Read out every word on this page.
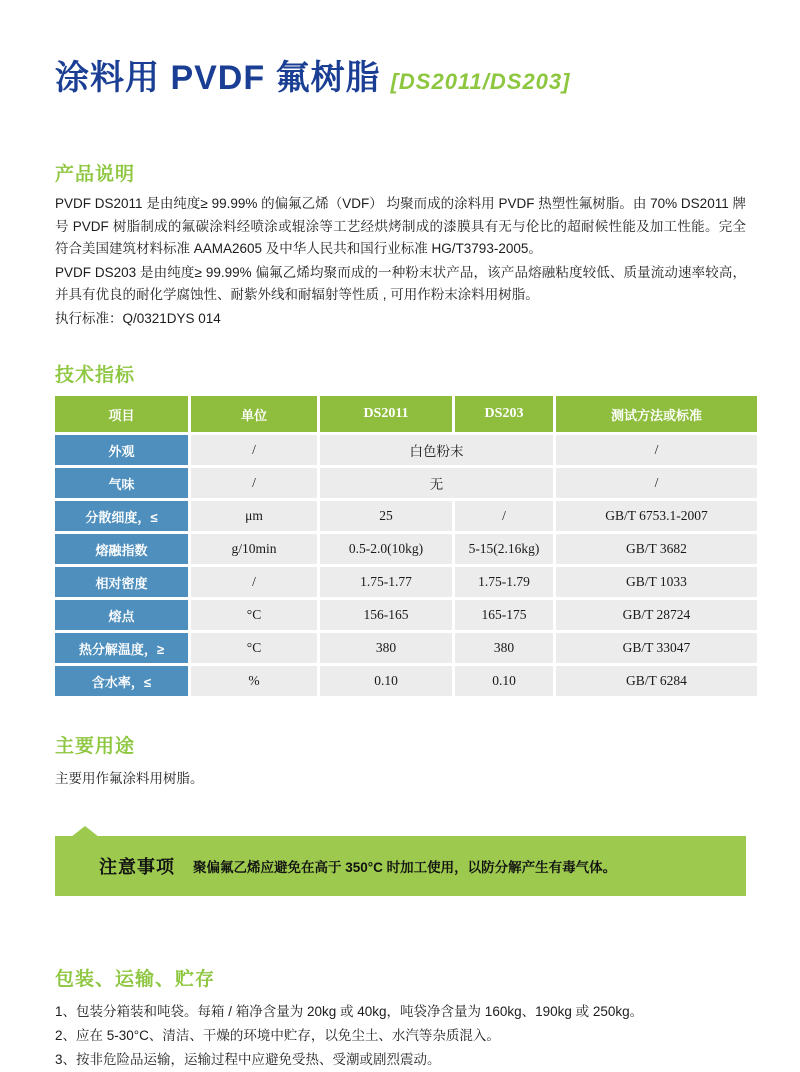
涂料用 PVDF 氟树脂 [DS2011/DS203]
产品说明

PVDF DS2011 是由纯度≥ 99.99% 的偏氟乙烯（VDF） 均聚而成的涂料用 PVDF 热塑性氟树脂。由 70% DS2011 牌号 PVDF 树脂制成的氟碳涂料经喷涂或辊涂等工艺经烘烤制成的漆膜具有无与伦比的超耐候性能及加工性能。完全符合美国建筑材料标准 AAMA2605 及中华人民共和国行业标准 HG/T3793-2005。

PVDF DS203 是由纯度≥ 99.99% 偏氟乙烯均聚而成的一种粉末状产品，该产品熔融粘度较低、质量流动速率较高，并具有优良的耐化学腐蚀性、耐紫外线和耐辐射等性质 , 可用作粉末涂料用树脂。

执行标准：Q/0321DYS 014

技术指标
项目	单位	DS2011	DS203	测试方法或标准
外观	/	白色粉末		/
气味	/	无		/
分散细度，≤	μm	25	/	GB/T 6753.1-2007
熔融指数	g/10min	0.5-2.0(10kg)	5-15(2.16kg)	GB/T 3682
相对密度	/	1.75-1.77	1.75-1.79	GB/T 1033
熔点	°C	156-165	165-175	GB/T 28724
热分解温度，≥	°C	380	380	GB/T 33047
含水率，≤	%	0.10	0.10	GB/T 6284
主要用途

主要用作氟涂料用树脂。

注意事项 聚偏氟乙烯应避免在高于 350°C 时加工使用，以防分解产生有毒气体。
包装、运输、贮存

1、包装分箱装和吨袋。每箱 / 箱净含量为 20kg 或 40kg，吨袋净含量为 160kg、190kg 或 250kg。

2、应在 5-30°C、清洁、干燥的环境中贮存，以免尘土、水汽等杂质混入。

3、按非危险品运输，运输过程中应避免受热、受潮或剧烈震动。
